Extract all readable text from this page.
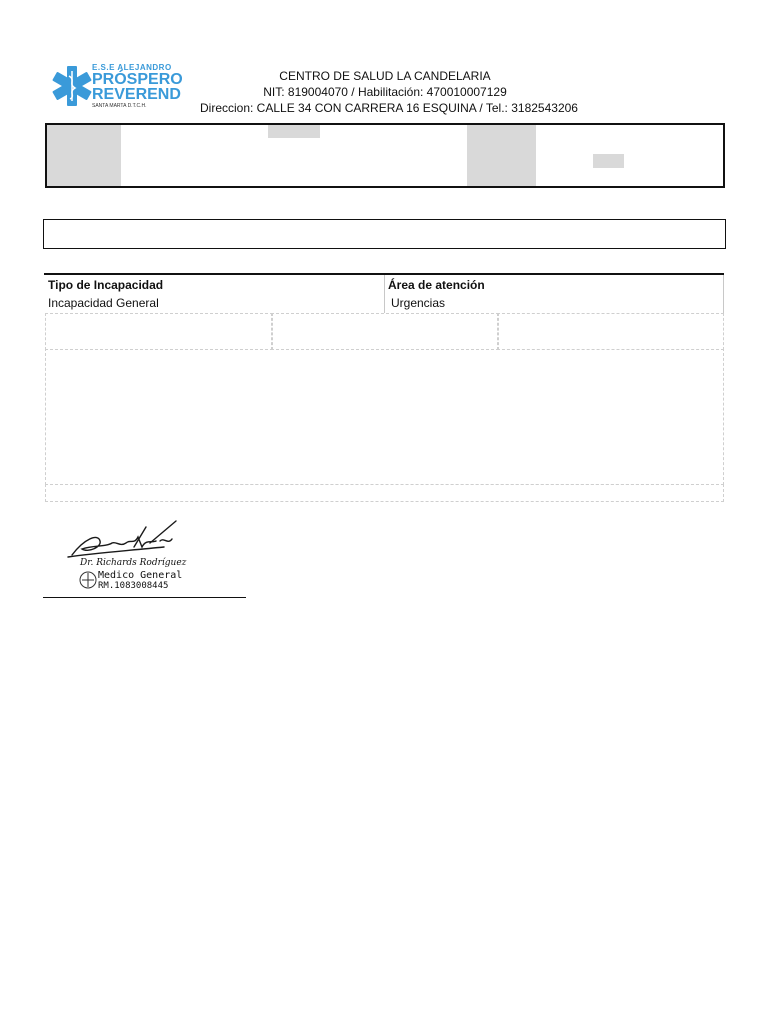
E.S.E ALEJANDRO
PRÓSPERO
REVEREND
SANTA MARTA D.T.C.H.
CENTRO DE SALUD LA CANDELARIA
NIT: 819004070 / Habilitación: 470010007129
Direccion: CALLE 34 CON CARRERA 16 ESQUINA / Tel.: 3182543206
Tipo de Incapacidad
Incapacidad General
Área de atención
Urgencias
Dr. Richards Rodríguez
Medico General
RM.1083008445
